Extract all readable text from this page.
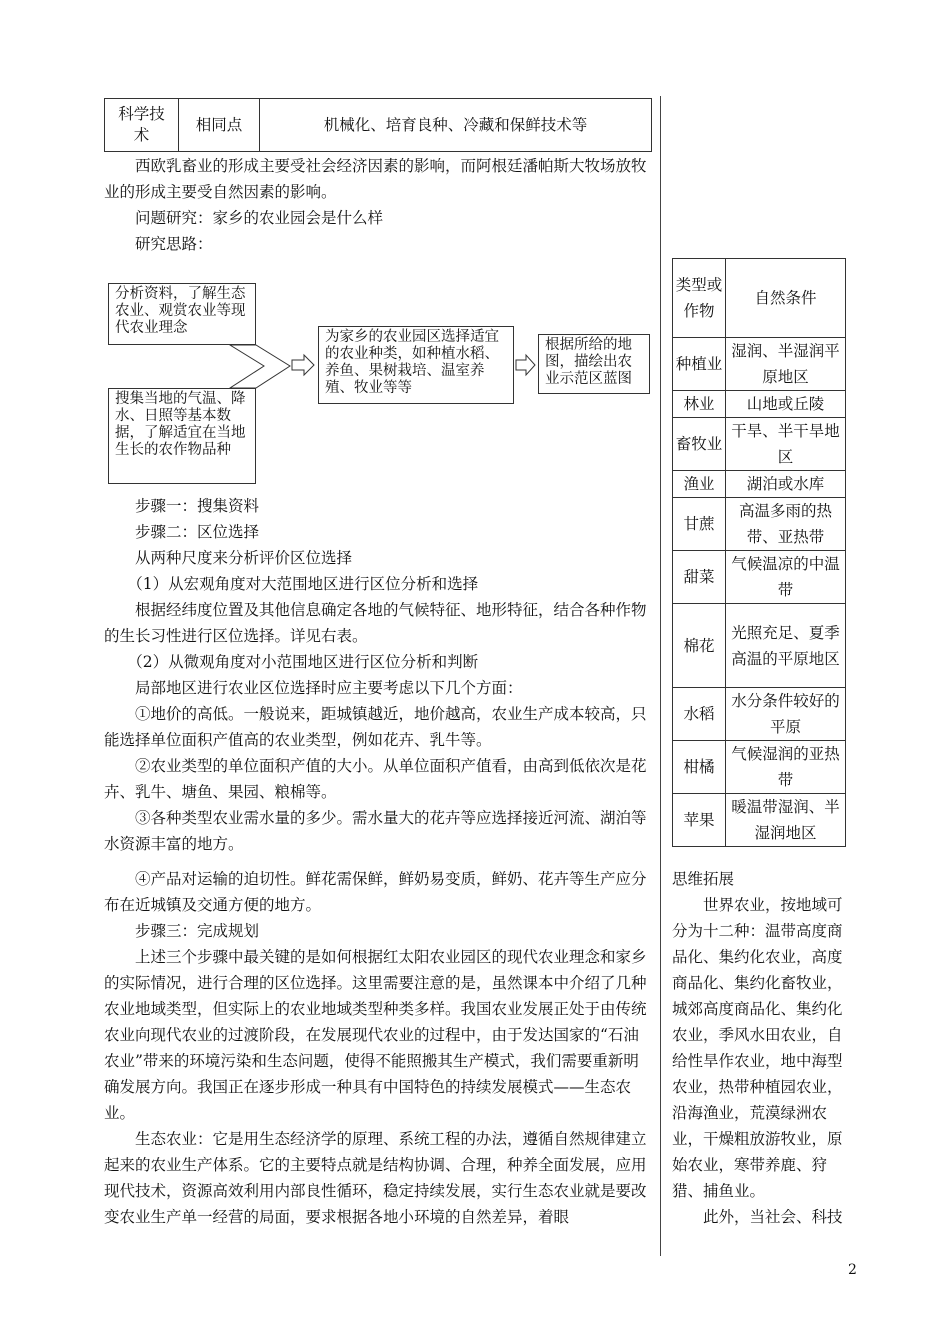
科学技术	相同点	机械化、培育良种、冷藏和保鲜技术等
西欧乳畜业的形成主要受社会经济因素的影响，而阿根廷潘帕斯大牧场放牧业的形成主要受自然因素的影响。
问题研究：家乡的农业园会是什么样
研究思路：
分析资料，了解生态农业、观赏农业等现代农业理念
搜集当地的气温、降水、日照等基本数据，了解适宜在当地生长的农作物品种
为家乡的农业园区选择适宜的农业种类，如种植水稻、养鱼、果树栽培、温室养殖、牧业等等
根据所给的地图，描绘出农业示范区蓝图
步骤一：搜集资料
步骤二：区位选择
从两种尺度来分析评价区位选择
（1）从宏观角度对大范围地区进行区位分析和选择
根据经纬度位置及其他信息确定各地的气候特征、地形特征，结合各种作物的生长习性进行区位选择。详见右表。
（2）从微观角度对小范围地区进行区位分析和判断
局部地区进行农业区位选择时应主要考虑以下几个方面：
①地价的高低。一般说来，距城镇越近，地价越高，农业生产成本较高，只能选择单位面积产值高的农业类型，例如花卉、乳牛等。
②农业类型的单位面积产值的大小。从单位面积产值看，由高到低依次是花卉、乳牛、塘鱼、果园、粮棉等。
③各种类型农业需水量的多少。需水量大的花卉等应选择接近河流、湖泊等水资源丰富的地方。
④产品对运输的迫切性。鲜花需保鲜，鲜奶易变质，鲜奶、花卉等生产应分布在近城镇及交通方便的地方。
步骤三：完成规划
上述三个步骤中最关键的是如何根据红太阳农业园区的现代农业理念和家乡的实际情况，进行合理的区位选择。这里需要注意的是，虽然课本中介绍了几种农业地域类型，但实际上的农业地域类型种类多样。我国农业发展正处于由传统农业向现代农业的过渡阶段，在发展现代农业的过程中，由于发达国家的“石油农业”带来的环境污染和生态问题，使得不能照搬其生产模式，我们需要重新明确发展方向。我国正在逐步形成一种具有中国特色的持续发展模式——生态农业。
生态农业：它是用生态经济学的原理、系统工程的办法，遵循自然规律建立起来的农业生产体系。它的主要特点就是结构协调、合理，种养全面发展，应用现代技术，资源高效利用内部良性循环，稳定持续发展，实行生态农业就是要改变农业生产单一经营的局面，要求根据各地小环境的自然差异，着眼
类型或作物	自然条件
种植业	湿润、半湿润平原地区
林业	山地或丘陵
畜牧业	干旱、半干旱地区
渔业	湖泊或水库
甘蔗	高温多雨的热带、亚热带
甜菜	气候温凉的中温带
棉花	光照充足、夏季高温的平原地区
水稻	水分条件较好的平原
柑橘	气候湿润的亚热带
苹果	暖温带湿润、半湿润地区
思维拓展
世界农业，按地域可分为十二种：温带高度商品化、集约化农业，高度商品化、集约化畜牧业，城郊高度商品化、集约化农业，季风水田农业，自给性旱作农业，地中海型农业，热带种植园农业，沿海渔业，荒漠绿洲农业，干燥粗放游牧业，原始农业，寒带养鹿、狩猎、捕鱼业。
此外，当社会、科技
2
